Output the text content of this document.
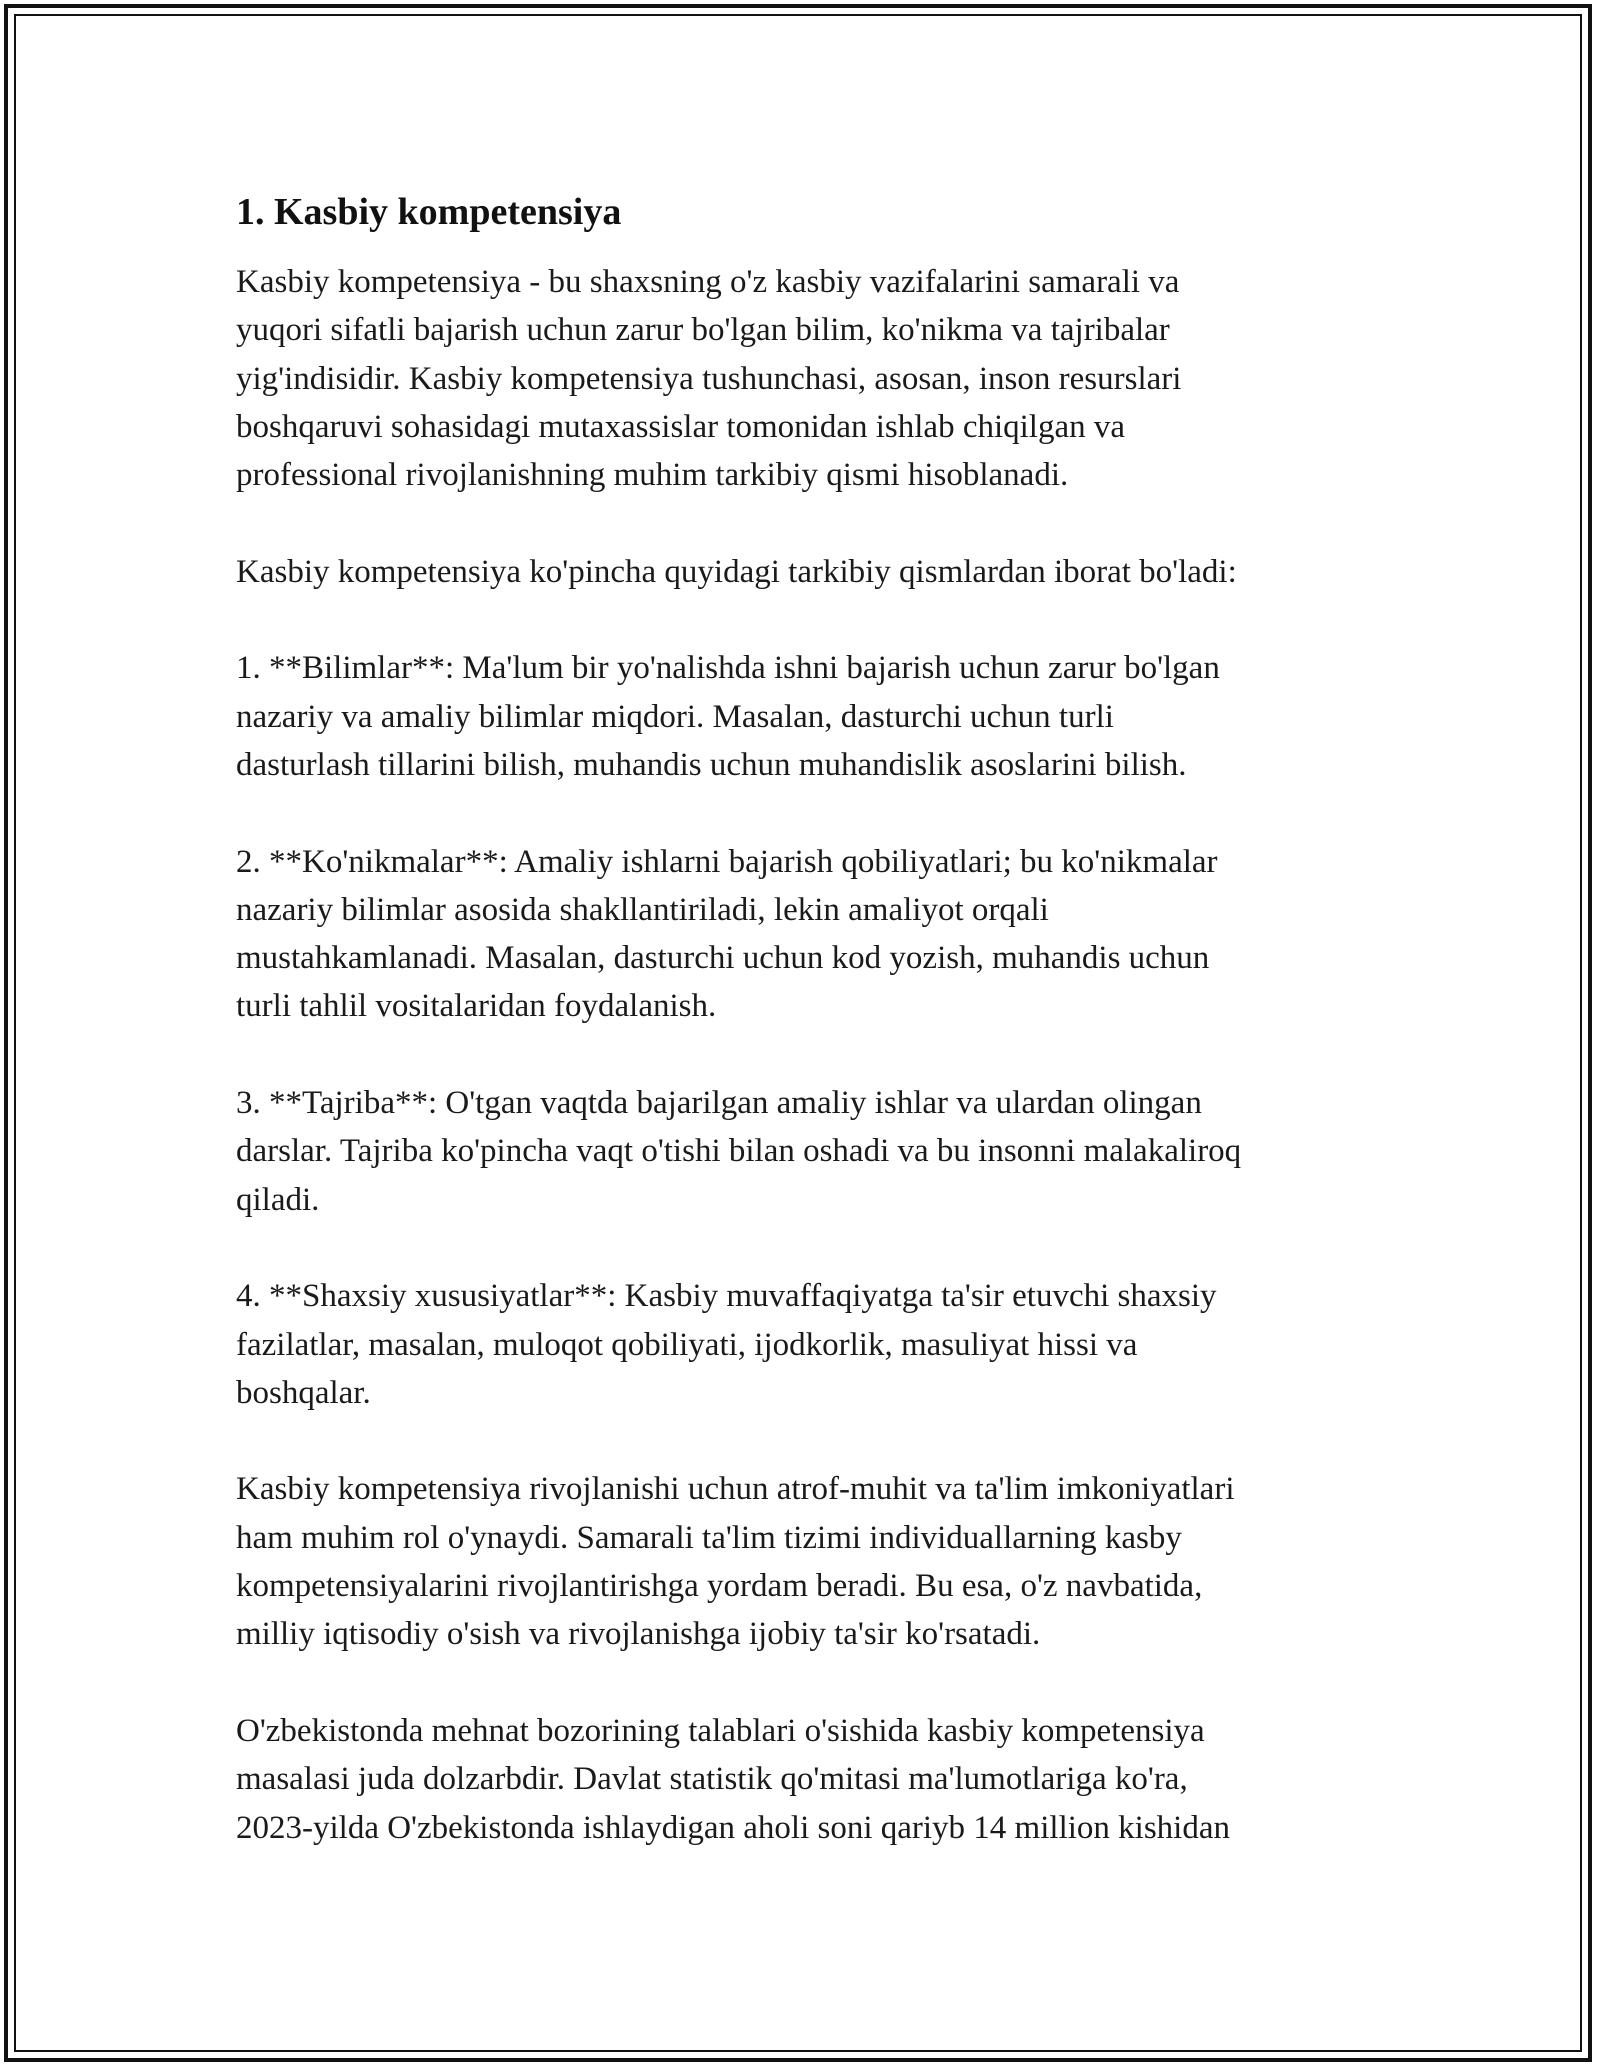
1. Kasbiy kompetensiya

Kasbiy kompetensiya - bu shaxsning o'z kasbiy vazifalarini samarali va
yuqori sifatli bajarish uchun zarur bo'lgan bilim, ko'nikma va tajribalar
yig'indisidir. Kasbiy kompetensiya tushunchasi, asosan, inson resurslari
boshqaruvi sohasidagi mutaxassislar tomonidan ishlab chiqilgan va
professional rivojlanishning muhim tarkibiy qismi hisoblanadi.

Kasbiy kompetensiya ko'pincha quyidagi tarkibiy qismlardan iborat bo'ladi:

1. **Bilimlar**: Ma'lum bir yo'nalishda ishni bajarish uchun zarur bo'lgan
nazariy va amaliy bilimlar miqdori. Masalan, dasturchi uchun turli
dasturlash tillarini bilish, muhandis uchun muhandislik asoslarini bilish.

2. **Ko'nikmalar**: Amaliy ishlarni bajarish qobiliyatlari; bu ko'nikmalar
nazariy bilimlar asosida shakllantiriladi, lekin amaliyot orqali
mustahkamlanadi. Masalan, dasturchi uchun kod yozish, muhandis uchun
turli tahlil vositalaridan foydalanish.

3. **Tajriba**: O'tgan vaqtda bajarilgan amaliy ishlar va ulardan olingan
darslar. Tajriba ko'pincha vaqt o'tishi bilan oshadi va bu insonni malakaliroq
qiladi.

4. **Shaxsiy xususiyatlar**: Kasbiy muvaffaqiyatga ta'sir etuvchi shaxsiy
fazilatlar, masalan, muloqot qobiliyati, ijodkorlik, masuliyat hissi va
boshqalar.

Kasbiy kompetensiya rivojlanishi uchun atrof-muhit va ta'lim imkoniyatlari
ham muhim rol o'ynaydi. Samarali ta'lim tizimi individuallarning kasby
kompetensiyalarini rivojlantirishga yordam beradi. Bu esa, o'z navbatida,
milliy iqtisodiy o'sish va rivojlanishga ijobiy ta'sir ko'rsatadi.

O'zbekistonda mehnat bozorining talablari o'sishida kasbiy kompetensiya
masalasi juda dolzarbdir. Davlat statistik qo'mitasi ma'lumotlariga ko'ra,
2023-yilda O'zbekistonda ishlaydigan aholi soni qariyb 14 million kishidan
